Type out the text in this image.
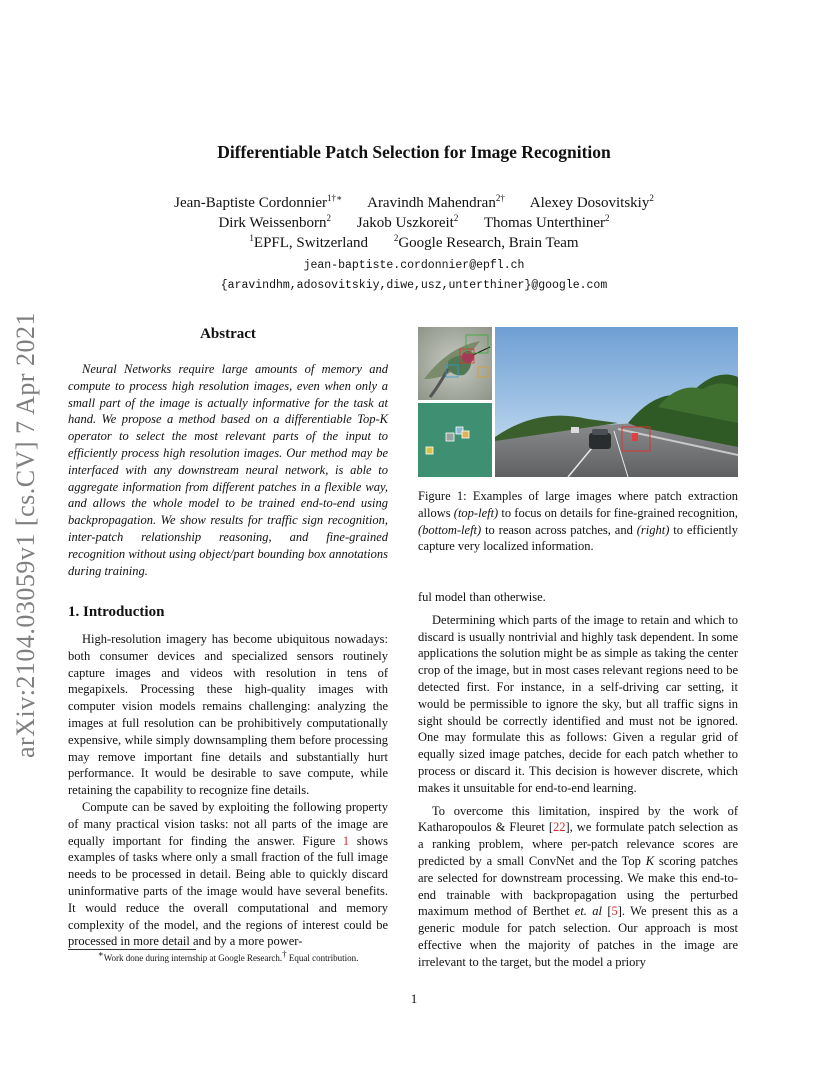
arXiv:2104.03059v1 [cs.CV] 7 Apr 2021
Differentiable Patch Selection for Image Recognition
Jean-Baptiste Cordonnier$^{1\dagger∗}$ Aravindh Mahendran$^{2\dagger}$ Alexey Dosovitskiy$^2$
Dirk Weissenborn$^2$ Jakob Uszkoreit$^2$ Thomas Unterthiner$^2$
$^1$EPFL, Switzerland	$^2$Google Research, Brain Team
jean-baptiste.cordonnier@epfl.ch
{aravindhm,adosovitskiy,diwe,usz,unterthiner}@google.com
Abstract
Neural Networks require large amounts of memory and compute to process high resolution images, even when only a small part of the image is actually informative for the task at hand. We propose a method based on a differentiable Top-K operator to select the most relevant parts of the input to efficiently process high resolution images. Our method may be interfaced with any downstream neural network, is able to aggregate information from different patches in a flexible way, and allows the whole model to be trained end-to-end using backpropagation. We show results for traffic sign recognition, inter-patch relationship reasoning, and fine-grained recognition without using object/part bounding box annotations during training.
1. Introduction

High-resolution imagery has become ubiquitous nowadays: both consumer devices and specialized sensors routinely capture images and videos with resolution in tens of megapixels. Processing these high-quality images with computer vision models remains challenging: analyzing the images at full resolution can be prohibitively computationally expensive, while simply downsampling them before processing may remove important fine details and substantially hurt performance. It would be desirable to save compute, while retaining the capability to recognize fine details.

Compute can be saved by exploiting the following property of many practical vision tasks: not all parts of the image are equally important for finding the answer. Figure 1 shows examples of tasks where only a small fraction of the full image needs to be processed in detail. Being able to quickly discard uninformative parts of the image would have several benefits. It would reduce the overall computational and memory complexity of the model, and the regions of interest could be processed in more detail and by a more power-

∗Work done during internship at Google Research.† Equal contribution.
Figure 1: Examples of large images where patch extraction allows (top-left) to focus on details for fine-grained recognition, (bottom-left) to reason across patches, and (right) to efficiently capture very localized information.

ful model than otherwise.

Determining which parts of the image to retain and which to discard is usually nontrivial and highly task dependent. In some applications the solution might be as simple as taking the center crop of the image, but in most cases relevant regions need to be detected first. For instance, in a self-driving car setting, it would be permissible to ignore the sky, but all traffic signs in sight should be correctly identified and must not be ignored. One may formulate this as follows: Given a regular grid of equally sized image patches, decide for each patch whether to process or discard it. This decision is however discrete, which makes it unsuitable for end-to-end learning.

To overcome this limitation, inspired by the work of Katharopoulos & Fleuret [22], we formulate patch selection as a ranking problem, where per-patch relevance scores are predicted by a small ConvNet and the Top K scoring patches are selected for downstream processing. We make this end-to-end trainable with backpropagation using the perturbed maximum method of Berthet et. al [5]. We present this as a generic module for patch selection. Our approach is most effective when the majority of patches in the image are irrelevant to the target, but the model a priory

1
